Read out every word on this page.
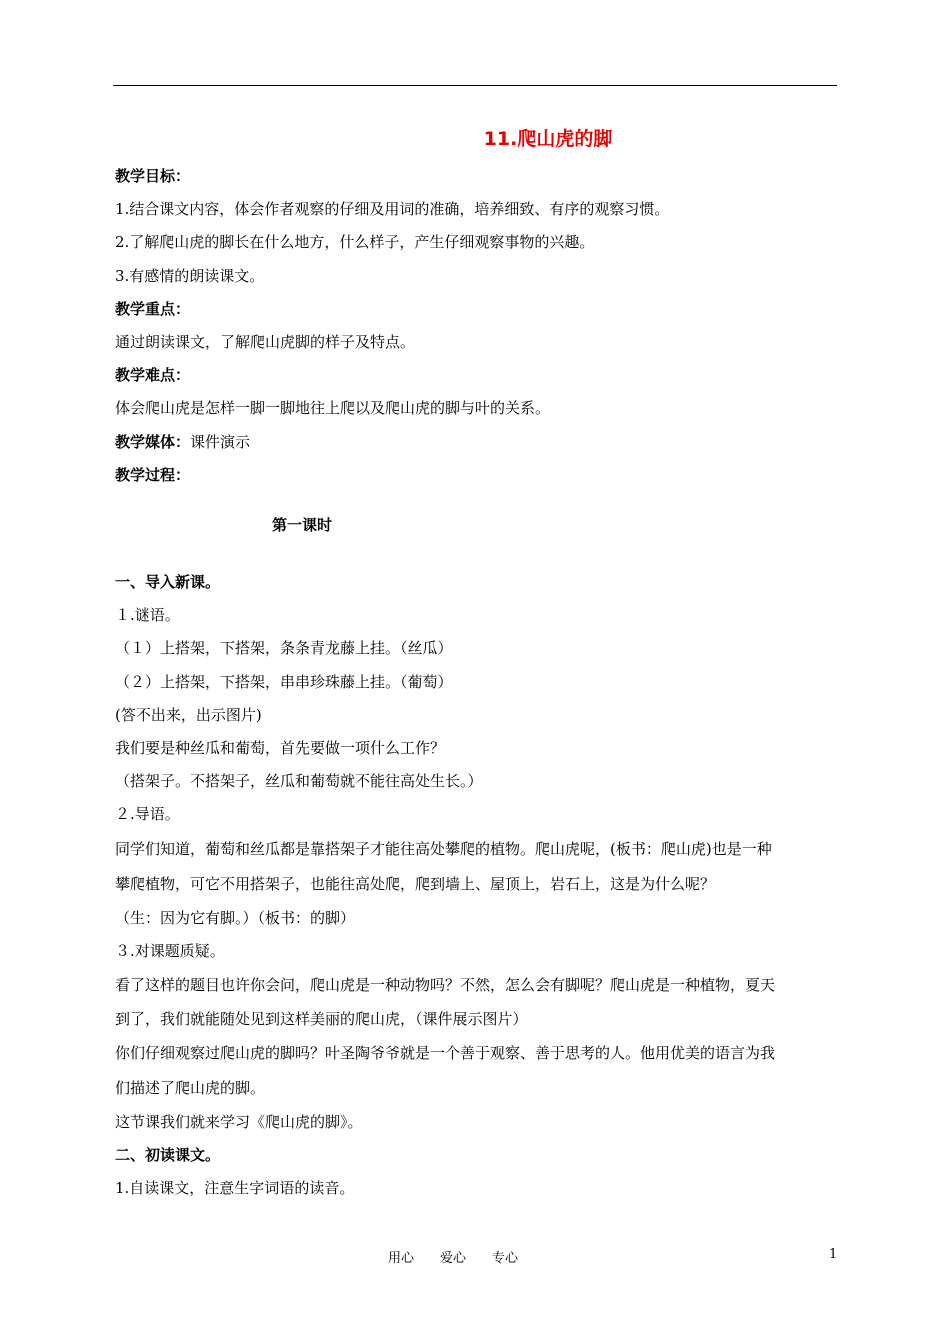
11.爬山虎的脚
教学目标：
1.结合课文内容，体会作者观察的仔细及用词的准确，培养细致、有序的观察习惯。
2.了解爬山虎的脚长在什么地方，什么样子，产生仔细观察事物的兴趣。
3.有感情的朗读课文。
教学重点：
通过朗读课文，了解爬山虎脚的样子及特点。
教学难点：
体会爬山虎是怎样一脚一脚地往上爬以及爬山虎的脚与叶的关系。
教学媒体：课件演示
教学过程：
第一课时
一、导入新课。
１.谜语。
（１）上搭架，下搭架，条条青龙藤上挂。（丝瓜）
（２）上搭架，下搭架，串串珍珠藤上挂。（葡萄）
(答不出来，出示图片)
我们要是种丝瓜和葡萄，首先要做一项什么工作？
（搭架子。不搭架子，丝瓜和葡萄就不能往高处生长。）
２.导语。
同学们知道，葡萄和丝瓜都是靠搭架子才能往高处攀爬的植物。爬山虎呢，(板书：爬山虎)也是一种
攀爬植物，可它不用搭架子，也能往高处爬，爬到墙上、屋顶上，岩石上，这是为什么呢？
（生：因为它有脚。）（板书：的脚）
３.对课题质疑。
看了这样的题目也许你会问，爬山虎是一种动物吗？不然，怎么会有脚呢？爬山虎是一种植物，夏天
到了，我们就能随处见到这样美丽的爬山虎，（课件展示图片）
你们仔细观察过爬山虎的脚吗？叶圣陶爷爷就是一个善于观察、善于思考的人。他用优美的语言为我
们描述了爬山虎的脚。
这节课我们就来学习《爬山虎的脚》。
二、初读课文。
1.自读课文，注意生字词语的读音。
用心　　爱心　　专心	1
